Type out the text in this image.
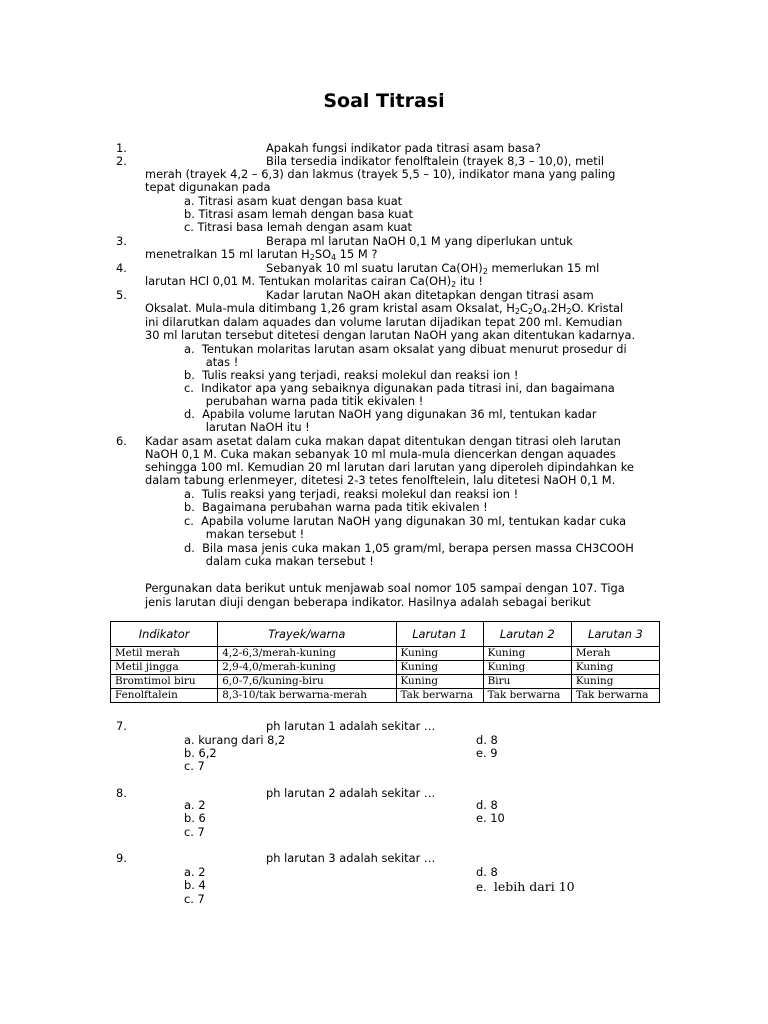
Soal Titrasi
1.	Apakah fungsi indikator pada titrasi asam basa?
2.	Bila tersedia indikator fenolftalein (trayek 8,3 – 10,0), metil
merah (trayek 4,2 – 6,3) dan lakmus (trayek 5,5 – 10), indikator mana yang paling
tepat digunakan pada
a. Titrasi asam kuat dengan basa kuat
b. Titrasi asam lemah dengan basa kuat
c. Titrasi basa lemah dengan asam kuat
3.	Berapa ml larutan NaOH 0,1 M yang diperlukan untuk
menetralkan 15 ml larutan $H_2SO_4$ 15 M ?
4.	Sebanyak 10 ml suatu larutan $Ca(OH)_2$ memerlukan 15 ml
larutan HCl 0,01 M. Tentukan molaritas cairan $Ca(OH)_2$ itu !
5.	Kadar larutan NaOH akan ditetapkan dengan titrasi asam
Oksalat. Mula-mula ditimbang 1,26 gram kristal asam Oksalat, $H_2C_2O_4.2H_2O$. Kristal
ini dilarutkan dalam aquades dan volume larutan dijadikan tepat 200 ml. Kemudian
30 ml larutan tersebut ditetesi dengan larutan NaOH yang akan ditentukan kadarnya.
a.  Tentukan molaritas larutan asam oksalat yang dibuat menurut prosedur di
atas !
b.  Tulis reaksi yang terjadi, reaksi molekul dan reaksi ion !
c.  Indikator apa yang sebaiknya digunakan pada titrasi ini, dan bagaimana
perubahan warna pada titik ekivalen !
d.  Apabila volume larutan NaOH yang digunakan 36 ml, tentukan kadar
larutan NaOH itu !
6. Kadar asam asetat dalam cuka makan dapat ditentukan dengan titrasi oleh larutan
NaOH 0,1 M. Cuka makan sebanyak 10 ml mula-mula diencerkan dengan aquades
sehingga 100 ml. Kemudian 20 ml larutan dari larutan yang diperoleh dipindahkan ke
dalam tabung erlenmeyer, ditetesi 2-3 tetes fenolftelein, lalu ditetesi NaOH 0,1 M.
a.  Tulis reaksi yang terjadi, reaksi molekul dan reaksi ion !
b.  Bagaimana perubahan warna pada titik ekivalen !
c.  Apabila volume larutan NaOH yang digunakan 30 ml, tentukan kadar cuka
makan tersebut !
d.  Bila masa jenis cuka makan 1,05 gram/ml, berapa persen massa CH3COOH
dalam cuka makan tersebut !
Pergunakan data berikut untuk menjawab soal nomor 105 sampai dengan 107. Tiga
jenis larutan diuji dengan beberapa indikator. Hasilnya adalah sebagai berikut
Indikator	Trayek/warna	Larutan 1	Larutan 2	Larutan 3
Metil merah	4,2-6,3/merah-kuning	Kuning	Kuning	Merah
Metil jingga	2,9-4,0/merah-kuning	Kuning	Kuning	Kuning
Bromtimol biru	6,0-7,6/kuning-biru	Kuning	Biru	Kuning
Fenolftalein	8,3-10/tak berwarna-merah	Tak berwarna	Tak berwarna	Tak berwarna
7.	ph larutan 1 adalah sekitar …
a. kurang dari 8,2
b. 6,2
c. 7
d. 8
e. 9
8.	ph larutan 2 adalah sekitar …
a. 2
b. 6
c. 7
d. 8
e. 10
9.	ph larutan 3 adalah sekitar …
a. 2
b. 4
c. 7
d. 8
e.  lebih dari 10
